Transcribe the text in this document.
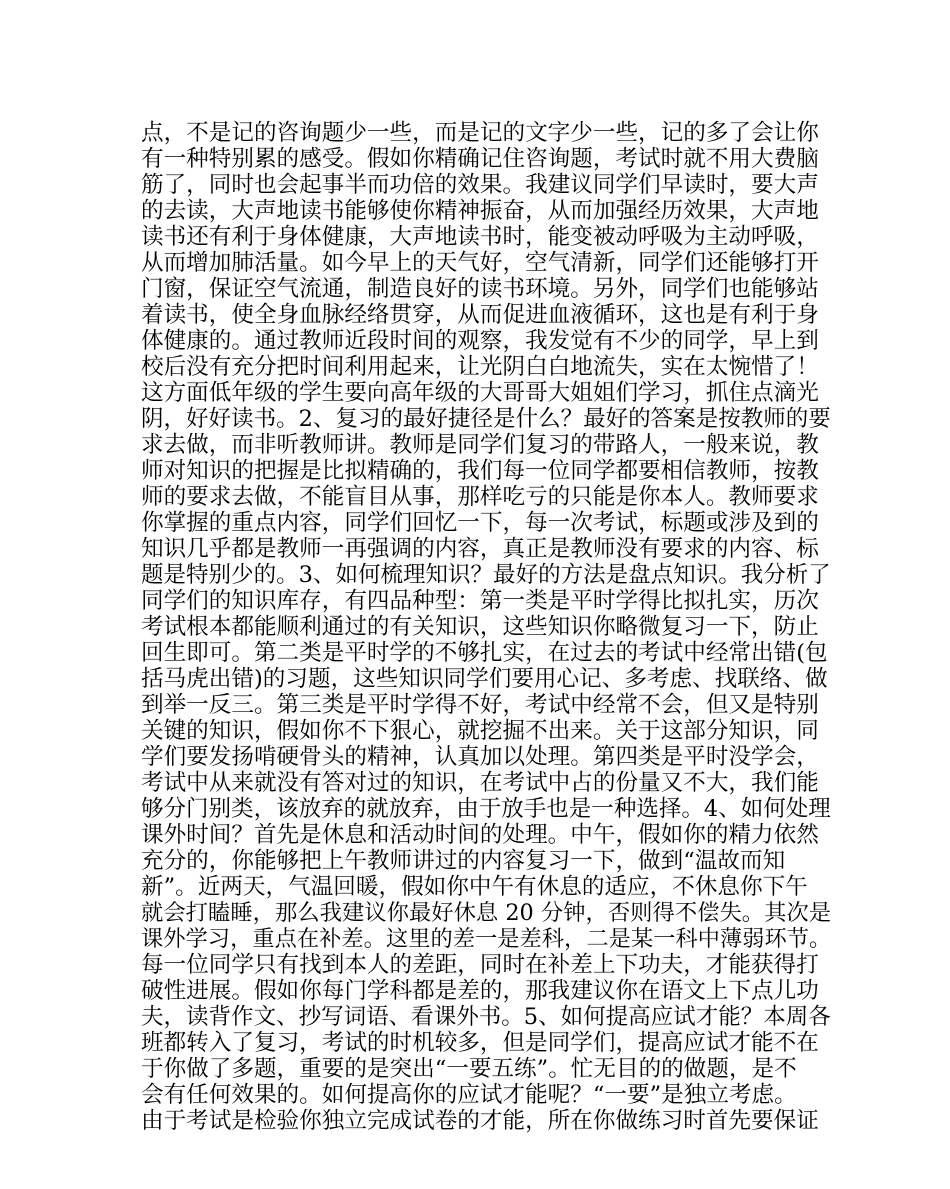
点，不是记的咨询题少一些，而是记的文字少一些，记的多了会让你
有一种特别累的感受。假如你精确记住咨询题，考试时就不用大费脑
筋了，同时也会起事半而功倍的效果。我建议同学们早读时，要大声
的去读，大声地读书能够使你精神振奋，从而加强经历效果，大声地
读书还有利于身体健康，大声地读书时，能变被动呼吸为主动呼吸，
从而增加肺活量。如今早上的天气好，空气清新，同学们还能够打开
门窗，保证空气流通，制造良好的读书环境。另外，同学们也能够站
着读书，使全身血脉经络贯穿，从而促进血液循环，这也是有利于身
体健康的。通过教师近段时间的观察，我发觉有不少的同学，早上到
校后没有充分把时间利用起来，让光阴白白地流失，实在太惋惜了！
这方面低年级的学生要向高年级的大哥哥大姐姐们学习，抓住点滴光
阴，好好读书。2、复习的最好捷径是什么？最好的答案是按教师的要
求去做，而非听教师讲。教师是同学们复习的带路人，一般来说，教
师对知识的把握是比拟精确的，我们每一位同学都要相信教师，按教
师的要求去做，不能盲目从事，那样吃亏的只能是你本人。教师要求
你掌握的重点内容，同学们回忆一下，每一次考试，标题或涉及到的
知识几乎都是教师一再强调的内容，真正是教师没有要求的内容、标
题是特别少的。3、如何梳理知识？最好的方法是盘点知识。我分析了
同学们的知识库存，有四品种型：第一类是平时学得比拟扎实，历次
考试根本都能顺利通过的有关知识，这些知识你略微复习一下，防止
回生即可。第二类是平时学的不够扎实，在过去的考试中经常出错(包
括马虎出错)的习题，这些知识同学们要用心记、多考虑、找联络、做
到举一反三。第三类是平时学得不好，考试中经常不会，但又是特别
关键的知识，假如你不下狠心，就挖掘不出来。关于这部分知识，同
学们要发扬啃硬骨头的精神，认真加以处理。第四类是平时没学会，
考试中从来就没有答对过的知识，在考试中占的份量又不大，我们能
够分门别类，该放弃的就放弃，由于放手也是一种选择。4、如何处理
课外时间？首先是休息和活动时间的处理。中午，假如你的精力依然
充分的，你能够把上午教师讲过的内容复习一下，做到“温故而知
新”。近两天，气温回暖，假如你中午有休息的适应，不休息你下午
就会打瞌睡，那么我建议你最好休息 20 分钟，否则得不偿失。其次是
课外学习，重点在补差。这里的差一是差科，二是某一科中薄弱环节。
每一位同学只有找到本人的差距，同时在补差上下功夫，才能获得打
破性进展。假如你每门学科都是差的，那我建议你在语文上下点儿功
夫，读背作文、抄写词语、看课外书。5、如何提高应试才能？本周各
班都转入了复习，考试的时机较多，但是同学们，提高应试才能不在
于你做了多题，重要的是突出“一要五练”。忙无目的的做题，是不
会有任何效果的。如何提高你的应试才能呢？“一要”是独立考虑。
由于考试是检验你独立完成试卷的才能，所在你做练习时首先要保证
